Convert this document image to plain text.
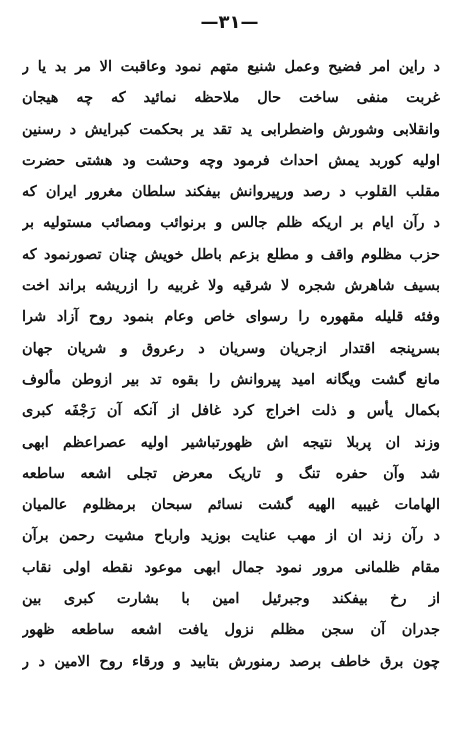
—٣١—
د راین امر فضیح وعمل شنیع متهم نمود وعاقبت الا مر بد یا ر
غربت منفی ساخت حال ملاحظه نمائید که چه هیجان
وانقلابی وشورش واضطرابی ید تقد یر بحکمت کبرایش د رسنین
اولیه کوربد یمش احداث فرمود وچه وحشت ود هشتی حضرت
مقلب القلوب د رصد ورپیروانش بیفکند سلطان مغرور ایران که
د رآن ایام بر اریکه ظلم جالس و برنوائب ومصائب مستولیه بر
حزب مظلوم واقف و مطلع بزعم باطل خویش چنان تصورنمود که
بسیف شاهرش شجره لا شرقیه ولا غربیه را ازریشه براند اخت
وفئه قلیله مقهوره را رسوای خاص وعام بنمود روح آزاد شرا
بسرپنجه اقتدار ازجریان وسریان د رعروق و شریان جهان
مانع گشت ویگانه امید پیروانش را بقوه تد بیر ازوطن مألوف
بکمال یأس و ذلت اخراج کرد غافل از آنکه آن رَجْفَه کبری
وزند ان پربلا نتیجه اش ظهورتباشیر اولیه عصراعظم ابهی
شد وآن حفره تنگ و تاریک معرض تجلی اشعه ساطعه
الهامات غیبیه الهیه گشت نسائم سبحان برمظلوم عالمیان
د رآن زند ان از مهب عنایت بوزید وارباح مشیت رحمن برآن
مقام ظلمانی مرور نمود جمال ابهی موعود نقطه اولی نقاب
از رخ بیفکند وجبرئیل امین با بشارت کبری بین
جدران آن سجن مظلم نزول یافت اشعه ساطعه ظهور
چون برق خاطف برصد رمنورش بتابید و ورقاء روح الامین د ر
